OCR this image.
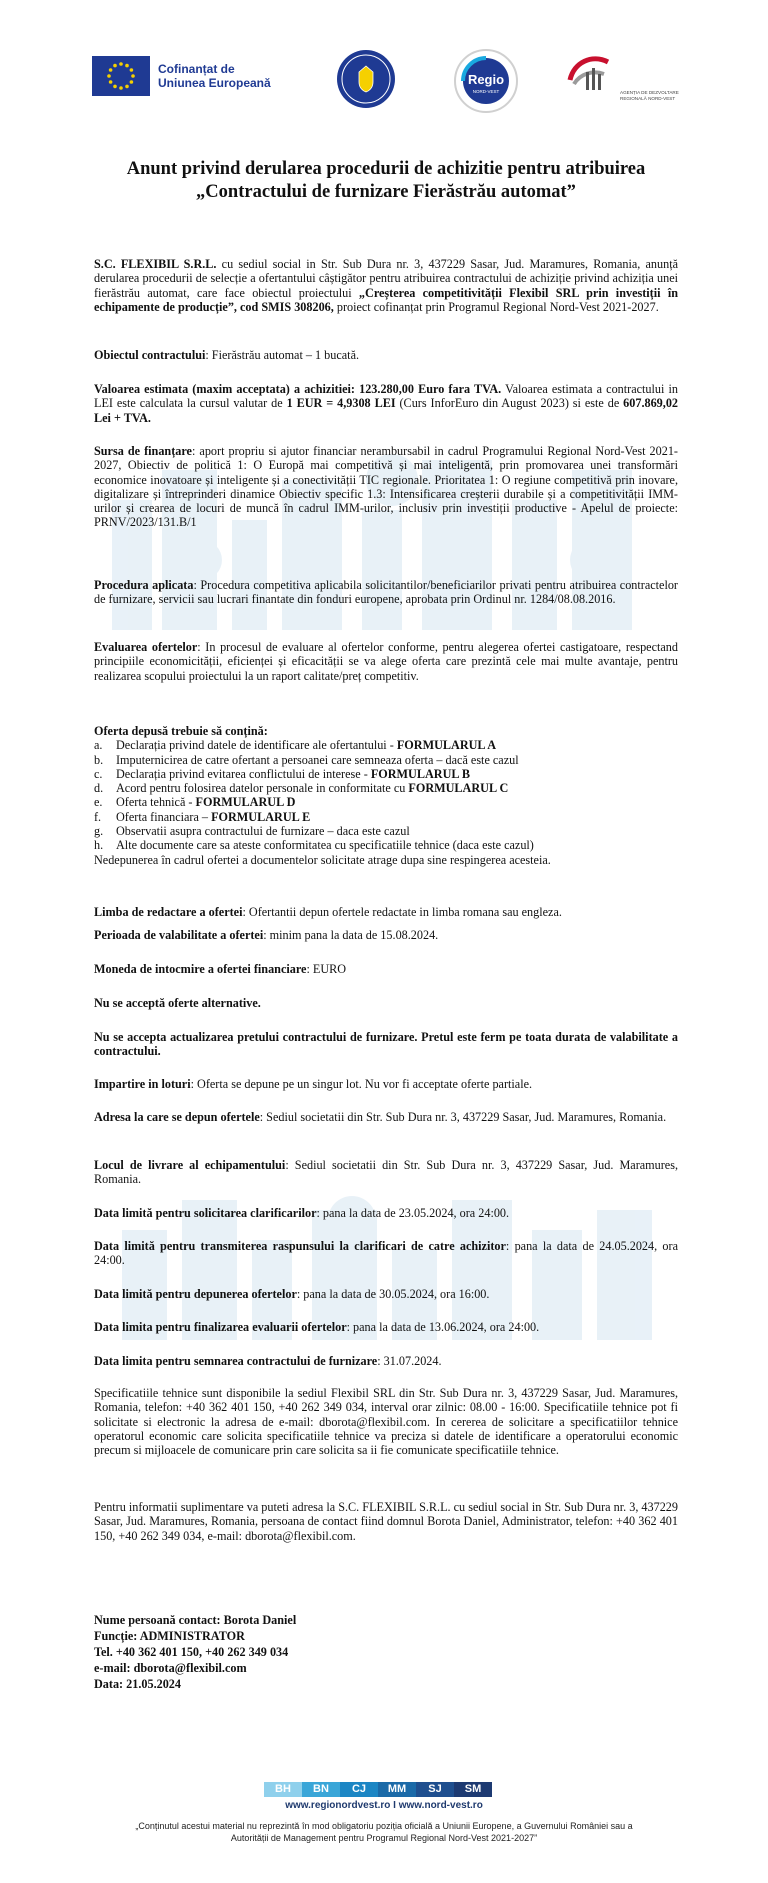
Cofinanțat de
Uniunea Europeană	Regio
NORD-VEST	AGENȚIA DE DEZVOLTARE REGIONALĂ NORD-VEST
Anunt privind derularea procedurii de achizitie pentru atribuirea
„Contractului de furnizare Fierăstrău automat”

S.C. FLEXIBIL S.R.L. cu sediul social in Str. Sub Dura nr. 3, 437229 Sasar, Jud. Maramures, Romania, anunță derularea procedurii de selecție a ofertantului câștigător pentru atribuirea contractului de achiziție privind achiziția unei fierăstrău automat, care face obiectul proiectului „Creșterea competitivității Flexibil SRL prin investiții în echipamente de producție”, cod SMIS 308206, proiect cofinanțat prin Programul Regional Nord-Vest 2021-2027.

Obiectul contractului: Fierăstrău automat – 1 bucată.

Valoarea estimata (maxim acceptata) a achizitiei: 123.280,00 Euro fara TVA. Valoarea estimata a contractului in LEI este calculata la cursul valutar de 1 EUR = 4,9308 LEI (Curs InforEuro din August 2023) si este de 607.869,02 Lei + TVA.

Sursa de finanțare: aport propriu si ajutor financiar nerambursabil in cadrul Programului Regional Nord-Vest 2021-2027, Obiectiv de politică 1: O Europă mai competitivă și mai inteligentă, prin promovarea unei transformări economice inovatoare și inteligente și a conectivității TIC regionale. Prioritatea 1: O regiune competitivă prin inovare, digitalizare și întreprinderi dinamice Obiectiv specific 1.3: Intensificarea creșterii durabile și a competitivității IMM-urilor și crearea de locuri de muncă în cadrul IMM-urilor, inclusiv prin investiții productive - Apelul de proiecte: PRNV/2023/131.B/1

Procedura aplicata: Procedura competitiva aplicabila solicitantilor/beneficiarilor privati pentru atribuirea contractelor de furnizare, servicii sau lucrari finantate din fonduri europene, aprobata prin Ordinul nr. 1284/08.08.2016.

Evaluarea ofertelor: In procesul de evaluare al ofertelor conforme, pentru alegerea ofertei castigatoare, respectand principiile economicității, eficienței și eficacității se va alege oferta care prezintă cele mai multe avantaje, pentru realizarea scopului proiectului la un raport calitate/preț competitiv.

Oferta depusă trebuie să conțină:
a. Declarația privind datele de identificare ale ofertantului - FORMULARUL A
b. Imputernicirea de catre ofertant a persoanei care semneaza oferta – dacă este cazul
c. Declarația privind evitarea conflictului de interese - FORMULARUL B
d. Acord pentru folosirea datelor personale in conformitate cu FORMULARUL C
e. Oferta tehnică - FORMULARUL D
f. Oferta financiara – FORMULARUL E
g. Observatii asupra contractului de furnizare – daca este cazul
h. Alte documente care sa ateste conformitatea cu specificatiile tehnice (daca este cazul)
Nedepunerea în cadrul ofertei a documentelor solicitate atrage dupa sine respingerea acesteia.

Limba de redactare a ofertei: Ofertantii depun ofertele redactate in limba romana sau engleza.

Perioada de valabilitate a ofertei: minim pana la data de 15.08.2024.

Moneda de intocmire a ofertei financiare: EURO

Nu se acceptă oferte alternative.

Nu se accepta actualizarea pretului contractului de furnizare. Pretul este ferm pe toata durata de valabilitate a contractului.

Impartire in loturi: Oferta se depune pe un singur lot. Nu vor fi acceptate oferte partiale.

Adresa la care se depun ofertele: Sediul societatii din Str. Sub Dura nr. 3, 437229 Sasar, Jud. Maramures, Romania.

Locul de livrare al echipamentului: Sediul societatii din Str. Sub Dura nr. 3, 437229 Sasar, Jud. Maramures, Romania.

Data limită pentru solicitarea clarificarilor: pana la data de 23.05.2024, ora 24:00.

Data limită pentru transmiterea raspunsului la clarificari de catre achizitor: pana la data de 24.05.2024, ora 24:00.

Data limită pentru depunerea ofertelor: pana la data de 30.05.2024, ora 16:00.

Data limita pentru finalizarea evaluarii ofertelor: pana la data de 13.06.2024, ora 24:00.

Data limita pentru semnarea contractului de furnizare: 31.07.2024.

Specificatiile tehnice sunt disponibile la sediul Flexibil SRL din Str. Sub Dura nr. 3, 437229 Sasar, Jud. Maramures, Romania, telefon: +40 362 401 150, +40 262 349 034, interval orar zilnic: 08.00 - 16:00. Specificatiile tehnice pot fi solicitate si electronic la adresa de e-mail: dborota@flexibil.com. In cererea de solicitare a specificatiilor tehnice operatorul economic care solicita specificatiile tehnice va preciza si datele de identificare a operatorului economic precum si mijloacele de comunicare prin care solicita sa ii fie comunicate specificatiile tehnice.

Pentru informatii suplimentare va puteti adresa la S.C. FLEXIBIL S.R.L. cu sediul social in Str. Sub Dura nr. 3, 437229 Sasar, Jud. Maramures, Romania, persoana de contact fiind domnul Borota Daniel, Administrator, telefon: +40 362 401 150, +40 262 349 034, e-mail: dborota@flexibil.com.

Nume persoană contact: Borota Daniel
Funcție: ADMINISTRATOR
Tel. +40 362 401 150, +40 262 349 034
e-mail: dborota@flexibil.com
Data: 21.05.2024
BH	BN	CJ	MM	SJ	SM
www.regionordvest.ro I www.nord-vest.ro
„Conținutul acestui material nu reprezintă în mod obligatoriu poziția oficială a Uniunii Europene, a Guvernului României sau a Autorității de Management pentru Programul Regional Nord-Vest 2021-2027”
